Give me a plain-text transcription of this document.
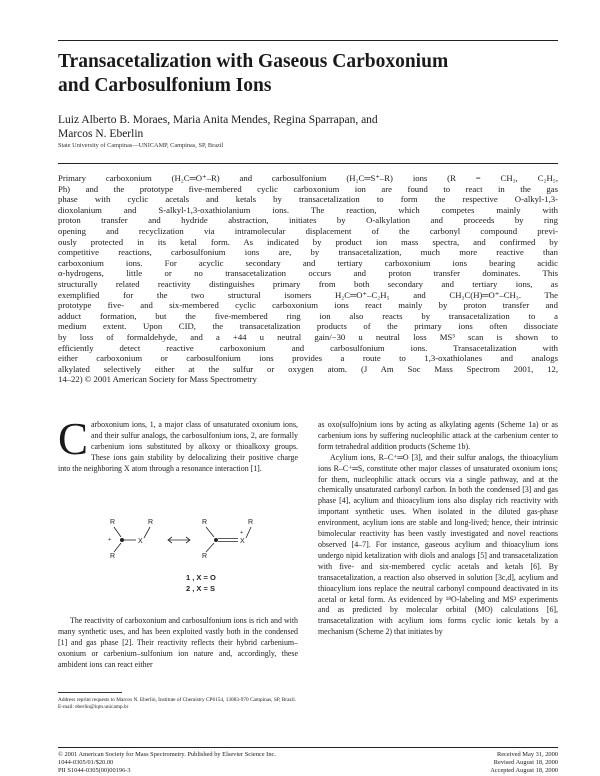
Transacetalization with Gaseous Carboxonium
and Carbosulfonium Ions
Luiz Alberto B. Moraes, Maria Anita Mendes, Regina Sparrapan, and
Marcos N. Eberlin
State University of Campinas—UNICAMP, Campinas, SP, Brazil

Primary carboxonium (H₂C═O⁺–R) and carbosulfonium (H₂C═S⁺–R) ions (R = CH₃, C₂H₅,
Ph) and the prototype five-membered cyclic carboxonium ion are found to react in the gas
phase with cyclic acetals and ketals by transacetalization to form the respective O-alkyl-1,3-
dioxolanium and S-alkyl-1,3-oxathiolanium ions. The reaction, which competes mainly with
proton transfer and hydride abstraction, initiates by O-alkylation and proceeds by ring
opening and recyclization via intramolecular displacement of the carbonyl compound previ-
ously protected in its ketal form. As indicated by product ion mass spectra, and confirmed by
competitive reactions, carbosulfonium ions are, by transacetalization, much more reactive than
carboxonium ions. For acyclic secondary and tertiary carboxonium ions bearing acidic
α-hydrogens, little or no transacetalization occurs and proton transfer dominates. This
structurally related reactivity distinguishes primary from both secondary and tertiary ions, as
exemplified for the two structural isomers H₂C═O⁺–C₂H₅ and CH₃C(H)═O⁺–CH₃. The
prototype five- and six-membered cyclic carboxonium ions react mainly by proton transfer and
adduct formation, but the five-membered ring ion also reacts by transacetalization to a
medium extent. Upon CID, the transacetalization products of the primary ions often dissociate
by loss of formaldehyde, and a +44 u neutral gain/−30 u neutral loss MS³ scan is shown to
efficiently detect reactive carboxonium and carbosulfonium ions. Transacetalization with
either carboxonium or carbosulfonium ions provides a route to 1,3-oxathiolanes and analogs
alkylated selectively either at the sulfur or oxygen atom. (J Am Soc Mass Spectrom 2001, 12,
14–22) © 2001 American Society for Mass Spectrometry

C arboxonium ions, 1, a major class of unsaturated oxonium ions, and their sulfur analogs, the carbosulfonium ions, 2, are formally carbenium ions substituted by alkoxy or thioalkoxy groups. These ions gain stability by delocalizing their positive charge into the neighboring X atom through a resonance interaction [1].

R
R
R
+	X
R
R
R
X
+
1 , X = O
2 , X = S

The reactivity of carboxonium and carbosulfonium ions is rich and with many synthetic uses, and has been exploited vastly both in the condensed [1] and gas phase [2]. Their reactivity reflects their hybrid carbenium–oxonium or carbenium–sulfonium ion nature and, accordingly, these ambident ions can react either

Address reprint requests to Marcos N. Eberlin, Institute of Chemistry CP6154, 13083-970 Campinas, SP, Brazil. E-mail: eberlin@iqm.unicamp.br

as oxo(sulfo)nium ions by acting as alkylating agents (Scheme 1a) or as carbenium ions by suffering nucleophilic attack at the carbenium center to form tetrahedral addition products (Scheme 1b).

Acylium ions, R–C⁺═O [3], and their sulfur analogs, the thioacylium ions R–C⁺═S, constitute other major classes of unsaturated oxonium ions; for them, nucleophilic attack occurs via a single pathway, and at the chemically unsaturated carbonyl carbon. In both the condensed [3] and gas phase [4], acylium and thioacylium ions also display rich reactivity with important synthetic uses. When isolated in the diluted gas-phase environment, acylium ions are stable and long-lived; hence, their intrinsic bimolecular reactivity has been vastly investigated and novel reactions observed [4–7]. For instance, gaseous acylium and thioacylium ions undergo nipid ketalization with diols and analogs [5] and transacetalization with five- and six-membered cyclic acetals and ketals [6]. By transacetalization, a reaction also observed in solution [3c,d], acylium and thioacylium ions replace the neutral carbonyl compound deactivated in its acetal or ketal form. As evidenced by ¹⁸O-labeling and MS³ experiments and as predicted by molecular orbital (MO) calculations [6], transacetalization with acylium ions forms cyclic ionic ketals by a mechanism (Scheme 2) that initiates by

© 2001 American Society for Mass Spectrometry. Published by Elsevier Science Inc.
1044-0305/01/$20.00
PII S1044-0305(00)00196-3
Received May 31, 2000
Revised August 18, 2000
Accepted August 18, 2000
